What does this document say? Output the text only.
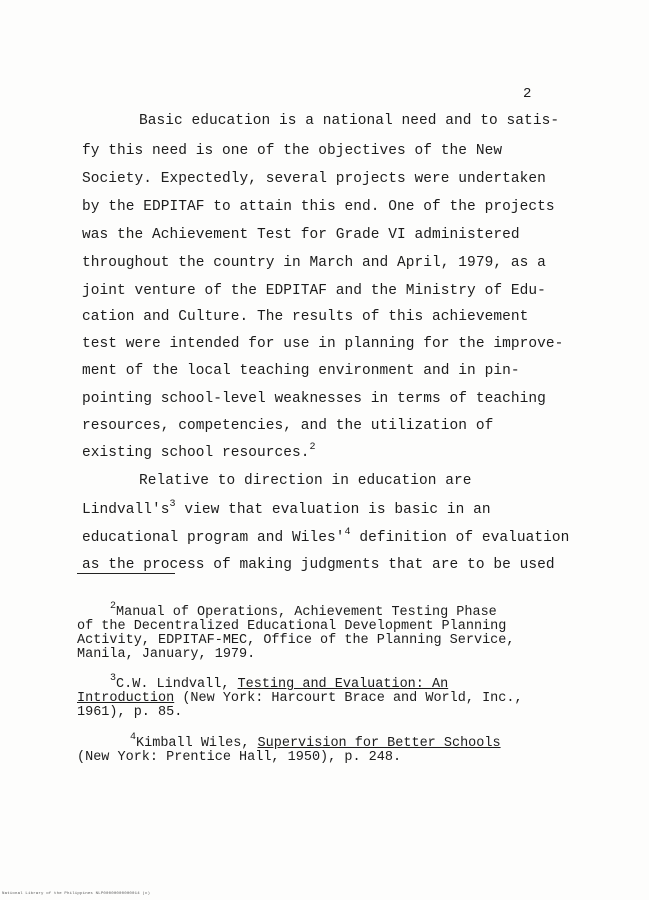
2
Basic education is a national need and to satis-
fy this need is one of the objectives of the New
Society. Expectedly, several projects were undertaken
by the EDPITAF to attain this end. One of the projects
was the Achievement Test for Grade VI administered
throughout the country in March and April, 1979, as a
joint venture of the EDPITAF and the Ministry of Edu-
cation and Culture. The results of this achievement
test were intended for use in planning for the improve-
ment of the local teaching environment and in pin-
pointing school-level weaknesses in terms of teaching
resources, competencies, and the utilization of
existing school resources.$^2$
Relative to direction in education are
$Lindvall's^3$ view that evaluation is basic in an
educational program and $Wiles'^4$ definition of evaluation
as the process of making judgments that are to be used
$^2$Manual of Operations, Achievement Testing Phase
of the Decentralized Educational Development Planning
Activity, EDPITAF-MEC, Office of the Planning Service,
Manila, January, 1979.
$^3$C.W. Lindvall, Testing and Evaluation: An
Introduction (New York: Harcourt Brace and World, Inc.,
1961), p. 85.
$^4$Kimball Wiles, Supervision for Better Schools
(New York: Prentice Hall, 1950), p. 248.
National Library of the Philippines NLP00000000000014 (c)
